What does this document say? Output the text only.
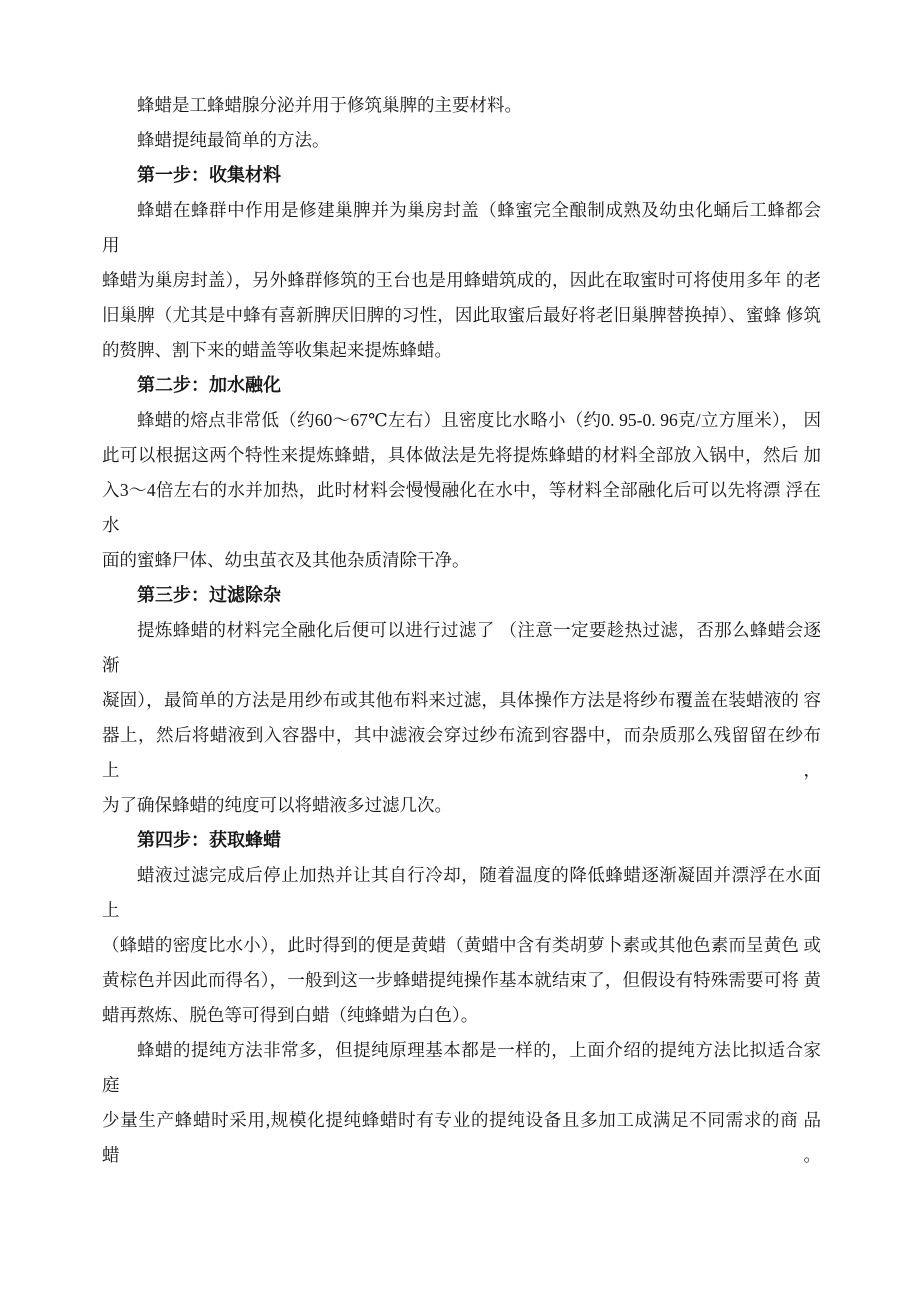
蜂蜡是工蜂蜡腺分泌并用于修筑巢脾的主要材料。
蜂蜡提纯最简单的方法。
第一步：收集材料
蜂蜡在蜂群中作用是修建巢脾并为巢房封盖（蜂蜜完全酿制成熟及幼虫化蛹后工蜂都会 用
蜂蜡为巢房封盖），另外蜂群修筑的王台也是用蜂蜡筑成的，因此在取蜜时可将使用多年 的老
旧巢脾（尤其是中蜂有喜新脾厌旧脾的习性，因此取蜜后最好将老旧巢脾替换掉）、蜜蜂 修筑
的赘脾、割下来的蜡盖等收集起来提炼蜂蜡。
第二步：加水融化
蜂蜡的熔点非常低（约60〜67℃左右）且密度比水略小（约0. 95-0. 96克/立方厘米）， 因
此可以根据这两个特性来提炼蜂蜡，具体做法是先将提炼蜂蜡的材料全部放入锅中，然后 加
入3〜4倍左右的水并加热，此时材料会慢慢融化在水中，等材料全部融化后可以先将漂 浮在水
面的蜜蜂尸体、幼虫茧衣及其他杂质清除干净。
第三步：过滤除杂
提炼蜂蜡的材料完全融化后便可以进行过滤了 （注意一定要趁热过滤，否那么蜂蜡会逐渐
凝固），最简单的方法是用纱布或其他布料来过滤，具体操作方法是将纱布覆盖在装蜡液的 容
器上，然后将蜡液到入容器中，其中滤液会穿过纱布流到容器中，而杂质那么残留留在纱布 上，
为了确保蜂蜡的纯度可以将蜡液多过滤几次。
第四步：获取蜂蜡
蜡液过滤完成后停止加热并让其自行冷却，随着温度的降低蜂蜡逐渐凝固并漂浮在水面 上
（蜂蜡的密度比水小），此时得到的便是黄蜡（黄蜡中含有类胡萝卜素或其他色素而呈黄色 或
黄棕色并因此而得名），一般到这一步蜂蜡提纯操作基本就结束了，但假设有特殊需要可将 黄
蜡再熬炼、脱色等可得到白蜡（纯蜂蜡为白色）。
蜂蜡的提纯方法非常多，但提纯原理基本都是一样的，上面介绍的提纯方法比拟适合家 庭
少量生产蜂蜡时采用,规模化提纯蜂蜡时有专业的提纯设备且多加工成满足不同需求的商 品蜡。
